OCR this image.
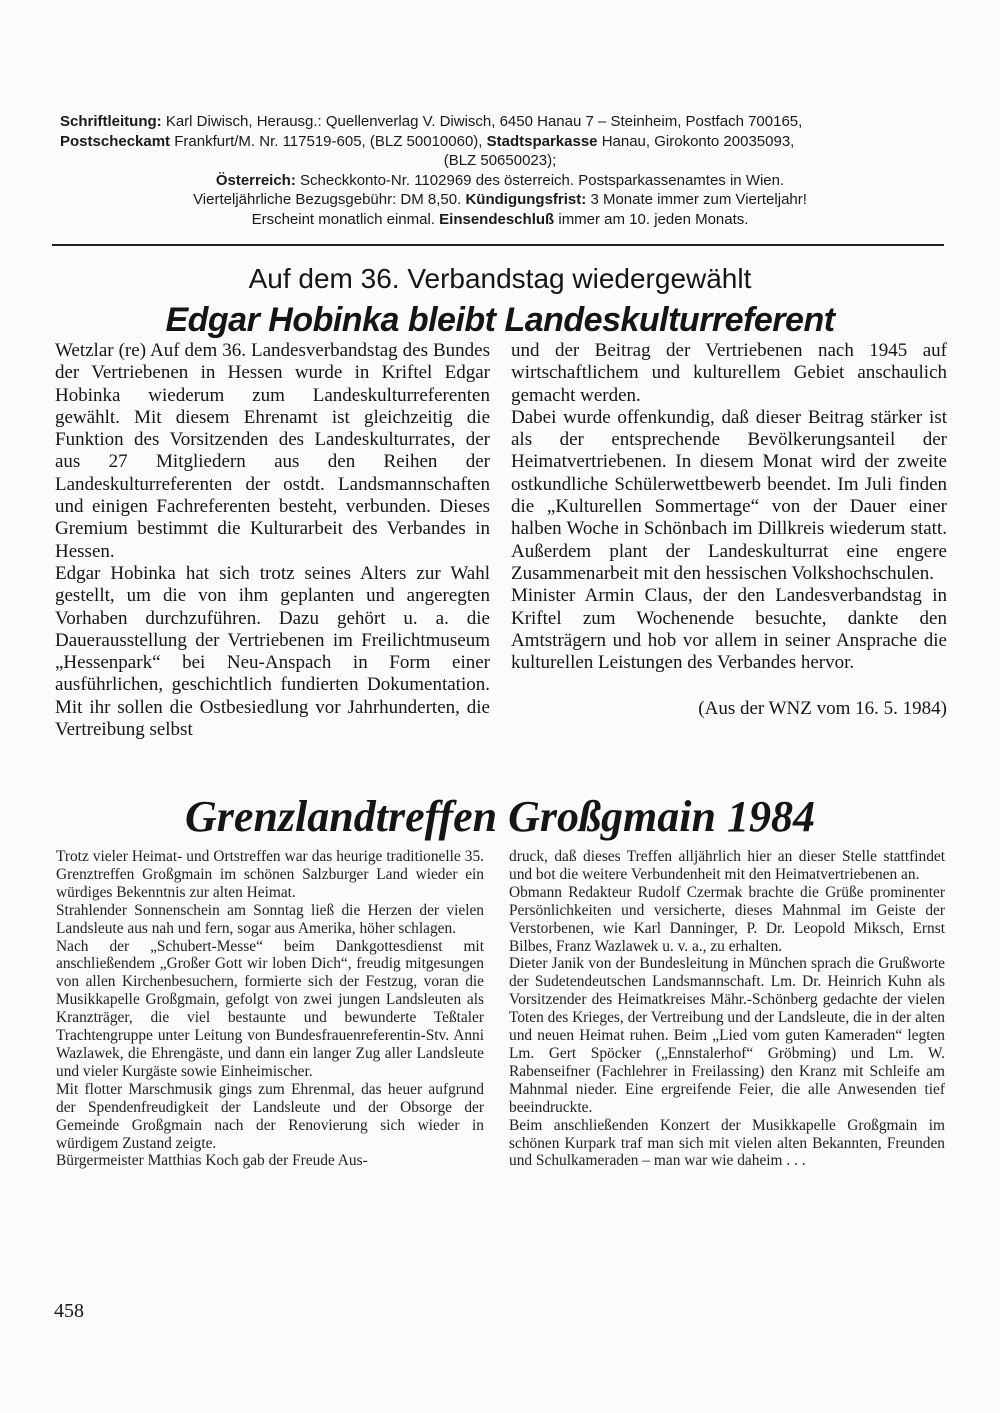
Schriftleitung: Karl Diwisch, Herausg.: Quellenverlag V. Diwisch, 6450 Hanau 7 – Steinheim, Postfach 700165,

Postscheckamt Frankfurt/M. Nr. 117519-605, (BLZ 50010060), Stadtsparkasse Hanau, Girokonto 20035093,

(BLZ 50650023);

Österreich: Scheckkonto-Nr. 1102969 des österreich. Postsparkassenamtes in Wien.

Vierteljährliche Bezugsgebühr: DM 8,50. Kündigungsfrist: 3 Monate immer zum Vierteljahr!

Erscheint monatlich einmal. Einsendeschluß immer am 10. jeden Monats.

Auf dem 36. Verbandstag wiedergewählt
Edgar Hobinka bleibt Landeskulturreferent

Wetzlar (re) Auf dem 36. Landesverbandstag des Bundes der Vertriebenen in Hessen wurde in Kriftel Edgar Hobinka wiederum zum Landeskulturreferenten gewählt. Mit diesem Ehrenamt ist gleichzeitig die Funktion des Vorsitzenden des Landeskulturrates, der aus 27 Mitgliedern aus den Reihen der Landeskulturreferenten der ostdt. Landsmannschaften und einigen Fachreferenten besteht, verbunden. Dieses Gremium bestimmt die Kulturarbeit des Verbandes in Hessen.

Edgar Hobinka hat sich trotz seines Alters zur Wahl gestellt, um die von ihm geplanten und angeregten Vorhaben durchzuführen. Dazu gehört u. a. die Dauerausstellung der Vertriebenen im Freilichtmuseum „Hessenpark“ bei Neu-Anspach in Form einer ausführlichen, geschichtlich fundierten Dokumentation. Mit ihr sollen die Ostbesiedlung vor Jahrhunderten, die Vertreibung selbst

und der Beitrag der Vertriebenen nach 1945 auf wirtschaftlichem und kulturellem Gebiet anschaulich gemacht werden.

Dabei wurde offenkundig, daß dieser Beitrag stärker ist als der entsprechende Bevölkerungsanteil der Heimatvertriebenen. In diesem Monat wird der zweite ostkundliche Schülerwettbewerb beendet. Im Juli finden die „Kulturellen Sommertage“ von der Dauer einer halben Woche in Schönbach im Dillkreis wiederum statt. Außerdem plant der Landeskulturrat eine engere Zusammenarbeit mit den hessischen Volkshochschulen.

Minister Armin Claus, der den Landesverbandstag in Kriftel zum Wochenende besuchte, dankte den Amtsträgern und hob vor allem in seiner Ansprache die kulturellen Leistungen des Verbandes hervor.

(Aus der WNZ vom 16. 5. 1984)

Grenzlandtreffen Großgmain 1984

Trotz vieler Heimat- und Ortstreffen war das heurige traditionelle 35. Grenztreffen Großgmain im schönen Salzburger Land wieder ein würdiges Bekenntnis zur alten Heimat.

Strahlender Sonnenschein am Sonntag ließ die Herzen der vielen Landsleute aus nah und fern, sogar aus Amerika, höher schlagen.

Nach der „Schubert-Messe“ beim Dankgottesdienst mit anschließendem „Großer Gott wir loben Dich“, freudig mitgesungen von allen Kirchenbesuchern, formierte sich der Festzug, voran die Musikkapelle Großgmain, gefolgt von zwei jungen Landsleuten als Kranzträger, die viel bestaunte und bewunderte Teßtaler Trachtengruppe unter Leitung von Bundesfrauenreferentin-Stv. Anni Wazlawek, die Ehrengäste, und dann ein langer Zug aller Landsleute und vieler Kurgäste sowie Einheimischer.

Mit flotter Marschmusik gings zum Ehrenmal, das heuer aufgrund der Spendenfreudigkeit der Landsleute und der Obsorge der Gemeinde Großgmain nach der Renovierung sich wieder in würdigem Zustand zeigte.

Bürgermeister Matthias Koch gab der Freude Aus-

druck, daß dieses Treffen alljährlich hier an dieser Stelle stattfindet und bot die weitere Verbundenheit mit den Heimatvertriebenen an.

Obmann Redakteur Rudolf Czermak brachte die Grüße prominenter Persönlichkeiten und versicherte, dieses Mahnmal im Geiste der Verstorbenen, wie Karl Danninger, P. Dr. Leopold Miksch, Ernst Bilbes, Franz Wazlawek u. v. a., zu erhalten.

Dieter Janik von der Bundesleitung in München sprach die Grußworte der Sudetendeutschen Landsmannschaft. Lm. Dr. Heinrich Kuhn als Vorsitzender des Heimatkreises Mähr.-Schönberg gedachte der vielen Toten des Krieges, der Vertreibung und der Landsleute, die in der alten und neuen Heimat ruhen. Beim „Lied vom guten Kameraden“ legten Lm. Gert Spöcker („Ennstalerhof“ Gröbming) und Lm. W. Rabenseifner (Fachlehrer in Freilassing) den Kranz mit Schleife am Mahnmal nieder. Eine ergreifende Feier, die alle Anwesenden tief beeindruckte.

Beim anschließenden Konzert der Musikkapelle Großgmain im schönen Kurpark traf man sich mit vielen alten Bekannten, Freunden und Schulkameraden – man war wie daheim . . .

458
